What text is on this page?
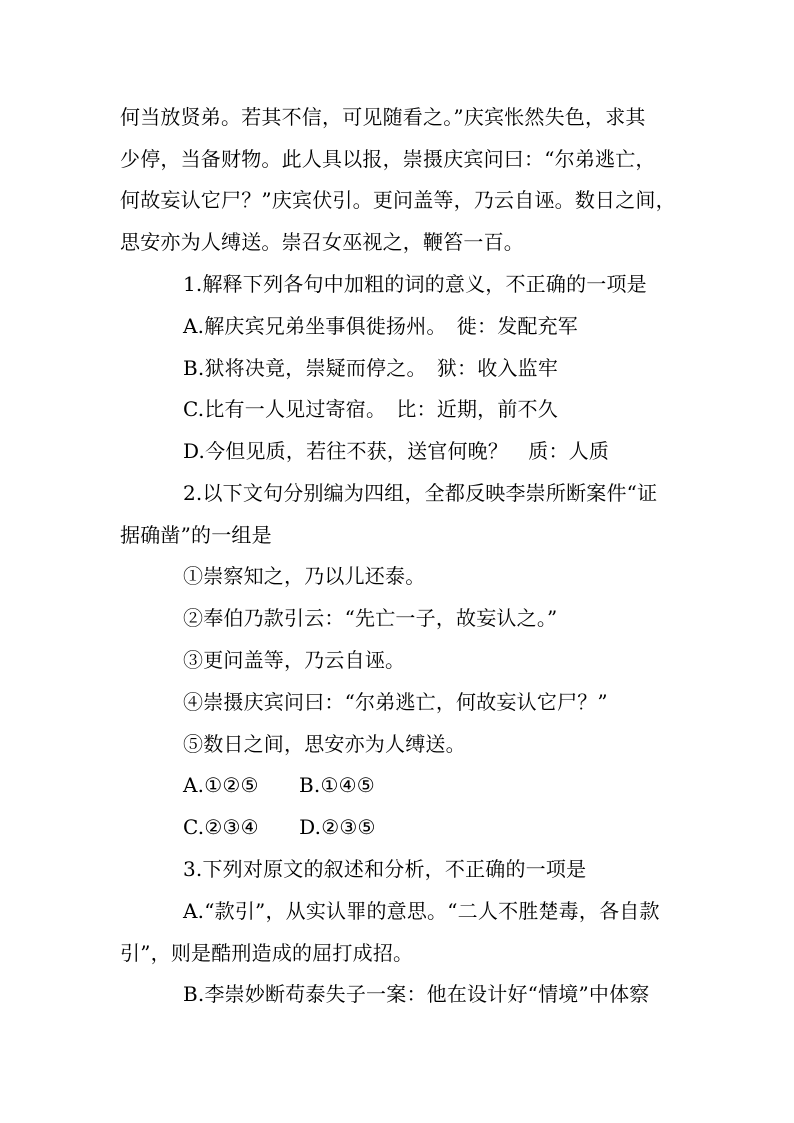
何当放贤弟。若其不信，可见随看之。”庆宾怅然失色，求其
少停，当备财物。此人具以报，崇摄庆宾问曰：“尔弟逃亡，
何故妄认它尸？”庆宾伏引。更问盖等，乃云自诬。数日之间，
思安亦为人缚送。崇召女巫视之，鞭笞一百。
1.解释下列各句中加粗的词的意义，不正确的一项是
A.解庆宾兄弟坐事俱徙扬州。　徙：发配充军
B.狱将决竟，崇疑而停之。　狱：收入监牢
C.比有一人见过寄宿。　比：近期，前不久
D.今但见质，若往不获，送官何晚？　质：人质
2.以下文句分别编为四组，全都反映李崇所断案件“证
据确凿”的一组是
①崇察知之，乃以儿还泰。
②奉伯乃款引云：“先亡一子，故妄认之。”
③更问盖等，乃云自诬。
④崇摄庆宾问曰：“尔弟逃亡，何故妄认它尸？”
⑤数日之间，思安亦为人缚送。
A.①②⑤　　B.①④⑤
C.②③④　　D.②③⑤
3.下列对原文的叙述和分析，不正确的一项是
A.“款引”，从实认罪的意思。“二人不胜楚毒，各自款
引”，则是酷刑造成的屈打成招。
B.李崇妙断苟泰失子一案：他在设计好“情境”中体察
